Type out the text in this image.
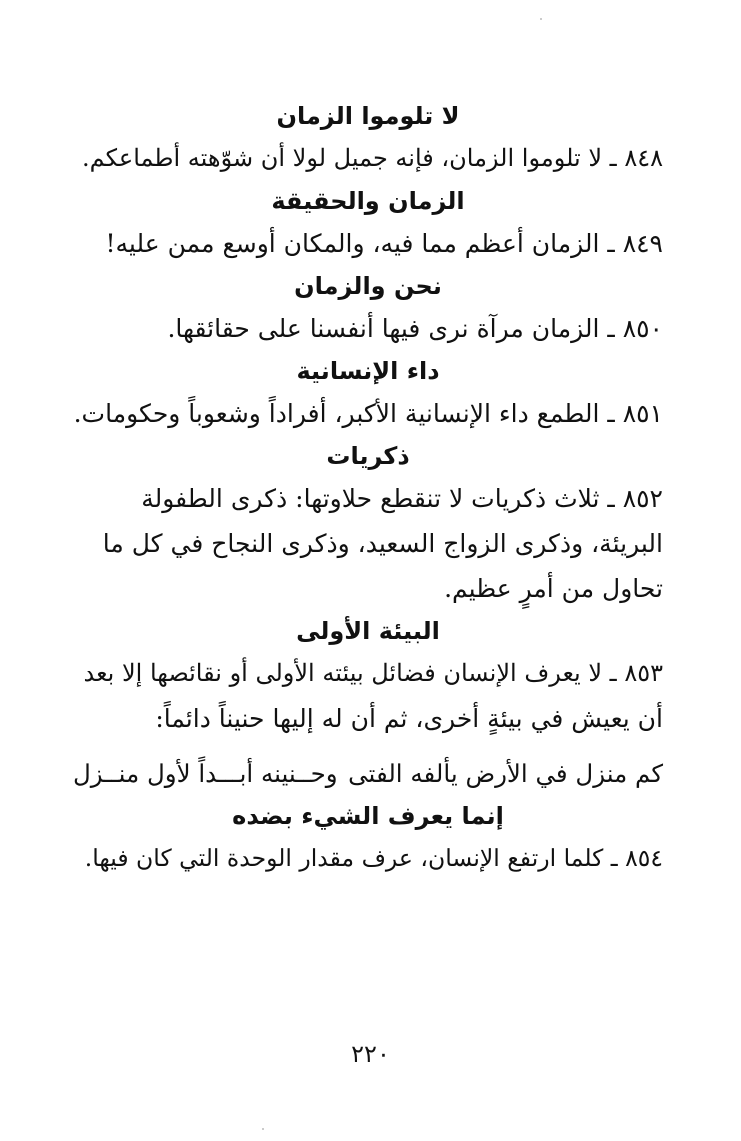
لا تلوموا الزمان

٨٤٨ ـ لا تلوموا الزمان، فإنه جميل لولا أن شوّهته أطماعكم.

الزمان والحقيقة

٨٤٩ ـ الزمان أعظم مما فيه، والمكان أوسع ممن عليه!

نحن والزمان

٨٥٠ ـ الزمان مرآة نرى فيها أنفسنا على حقائقها.

داء الإنسانية

٨٥١ ـ الطمع داء الإنسانية الأكبر، أفراداً وشعوباً وحكومات.

ذكريات

٨٥٢ ـ ثلاث ذكريات لا تنقطع حلاوتها: ذكرى الطفولة

البريئة، وذكرى الزواج السعيد، وذكرى النجاح في كل ما

تحاول من أمرٍ عظيم.

البيئة الأولى

٨٥٣ ـ لا يعرف الإنسان فضائل بيئته الأولى أو نقائصها إلا بعد

أن يعيش في بيئةٍ أخرى، ثم أن له إليها حنيناً دائماً:

كم منزل في الأرض يألفه الفتى
وحــنينه أبـــداً لأول منــزل
إنما يعرف الشيء بضده

٨٥٤ ـ كلما ارتفع الإنسان، عرف مقدار الوحدة التي كان فيها.

٢٢٠
